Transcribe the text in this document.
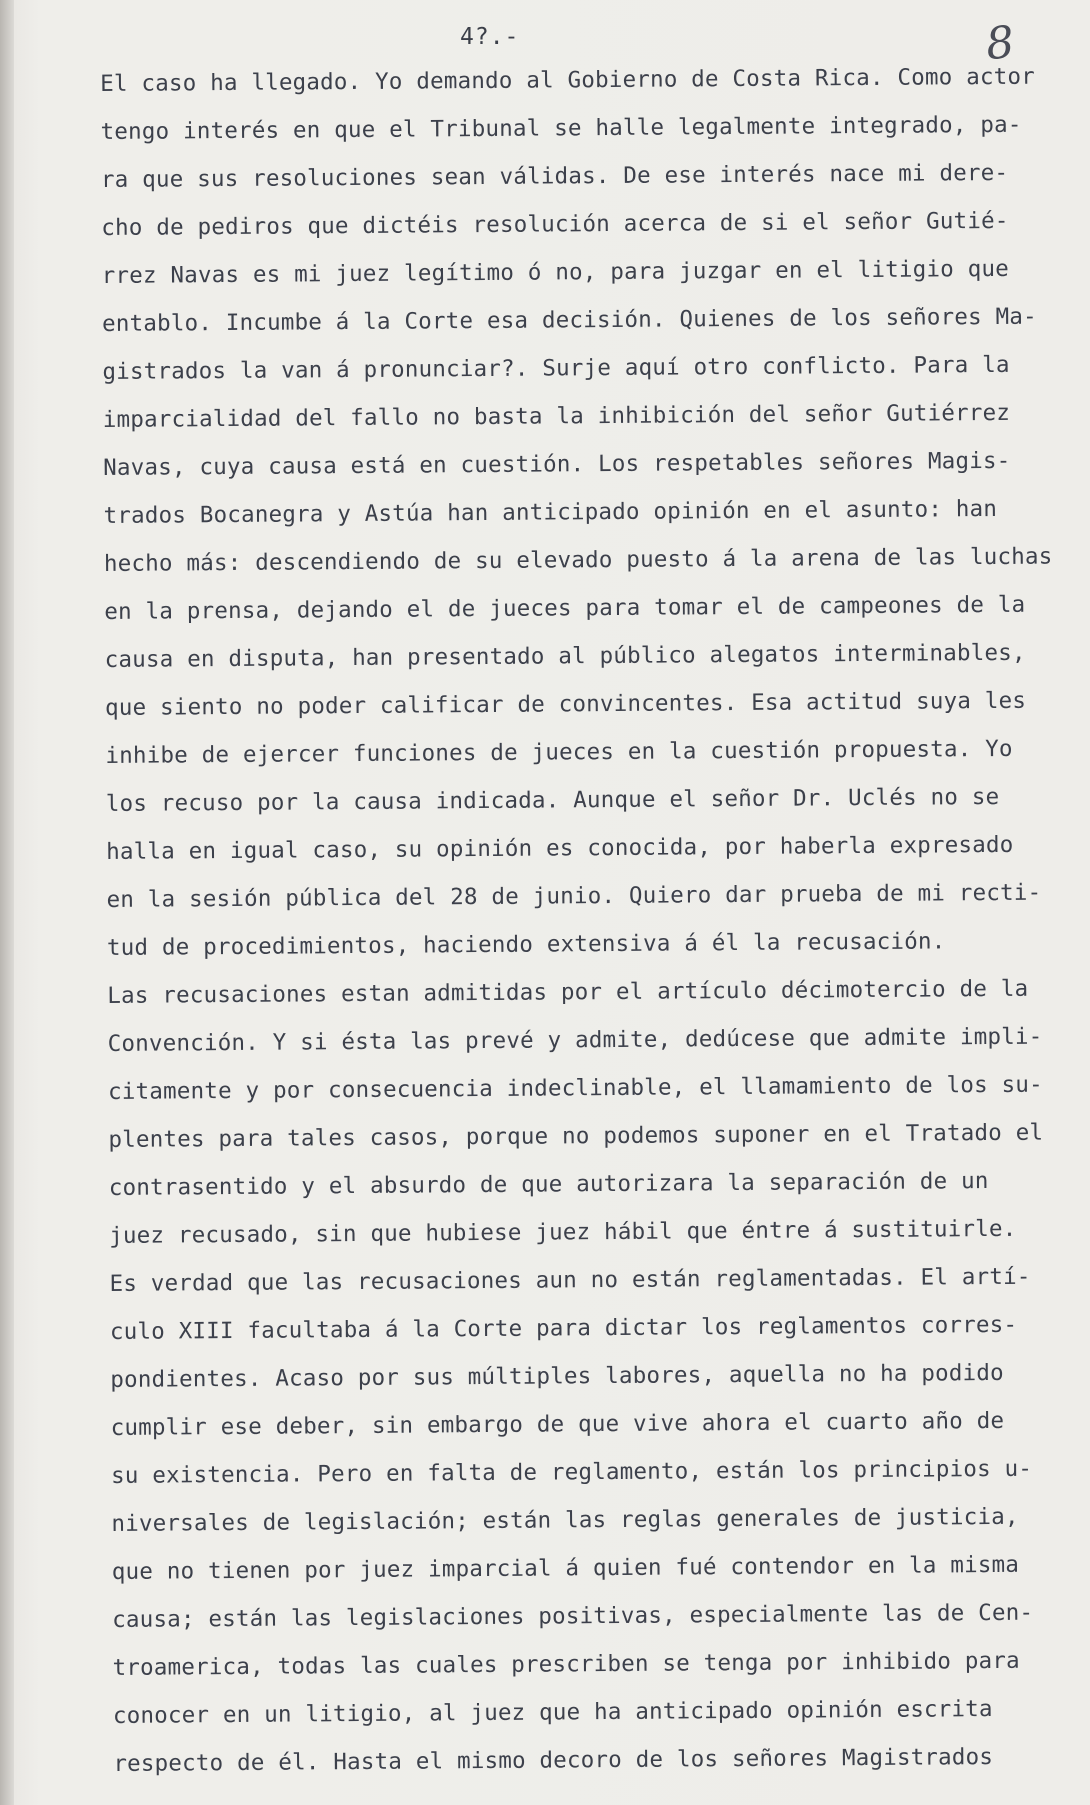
4?.-	8
El caso ha llegado. Yo demando al Gobierno de Costa Rica. Como actor
tengo interés en que el Tribunal se halle legalmente integrado, pa-
ra que sus resoluciones sean válidas. De ese interés nace mi dere-
cho de pediros que dictéis resolución acerca de si el señor Gutié-
rrez Navas es mi juez legítimo ó no, para juzgar en el litigio que
entablo. Incumbe á la Corte esa decisión. Quienes de los señores Ma-
gistrados la van á pronunciar?. Surje aquí otro conflicto. Para la
imparcialidad del fallo no basta la inhibición del señor Gutiérrez
Navas, cuya causa está en cuestión. Los respetables señores Magis-
trados Bocanegra y Astúa han anticipado opinión en el asunto: han
hecho más: descendiendo de su elevado puesto á la arena de las luchas
en la prensa, dejando el de jueces para tomar el de campeones de la
causa en disputa, han presentado al público alegatos interminables,
que siento no poder calificar de convincentes. Esa actitud suya les
inhibe de ejercer funciones de jueces en la cuestión propuesta. Yo
los recuso por la causa indicada. Aunque el señor Dr. Uclés no se
halla en igual caso, su opinión es conocida, por haberla expresado
en la sesión pública del 28 de junio. Quiero dar prueba de mi recti-
tud de procedimientos, haciendo extensiva á él la recusación.
Las recusaciones estan admitidas por el artículo décimotercio de la
Convención. Y si ésta las prevé y admite, dedúcese que admite impli-
citamente y por consecuencia indeclinable, el llamamiento de los su-
plentes para tales casos, porque no podemos suponer en el Tratado el
contrasentido y el absurdo de que autorizara la separación de un
juez recusado, sin que hubiese juez hábil que éntre á sustituirle.
Es verdad que las recusaciones aun no están reglamentadas. El artí-
culo XIII facultaba á la Corte para dictar los reglamentos corres-
pondientes. Acaso por sus múltiples labores, aquella no ha podido
cumplir ese deber, sin embargo de que vive ahora el cuarto año de
su existencia. Pero en falta de reglamento, están los principios u-
niversales de legislación; están las reglas generales de justicia,
que no tienen por juez imparcial á quien fué contendor en la misma
causa; están las legislaciones positivas, especialmente las de Cen-
troamerica, todas las cuales prescriben se tenga por inhibido para
conocer en un litigio, al juez que ha anticipado opinión escrita
respecto de él. Hasta el mismo decoro de los señores Magistrados
